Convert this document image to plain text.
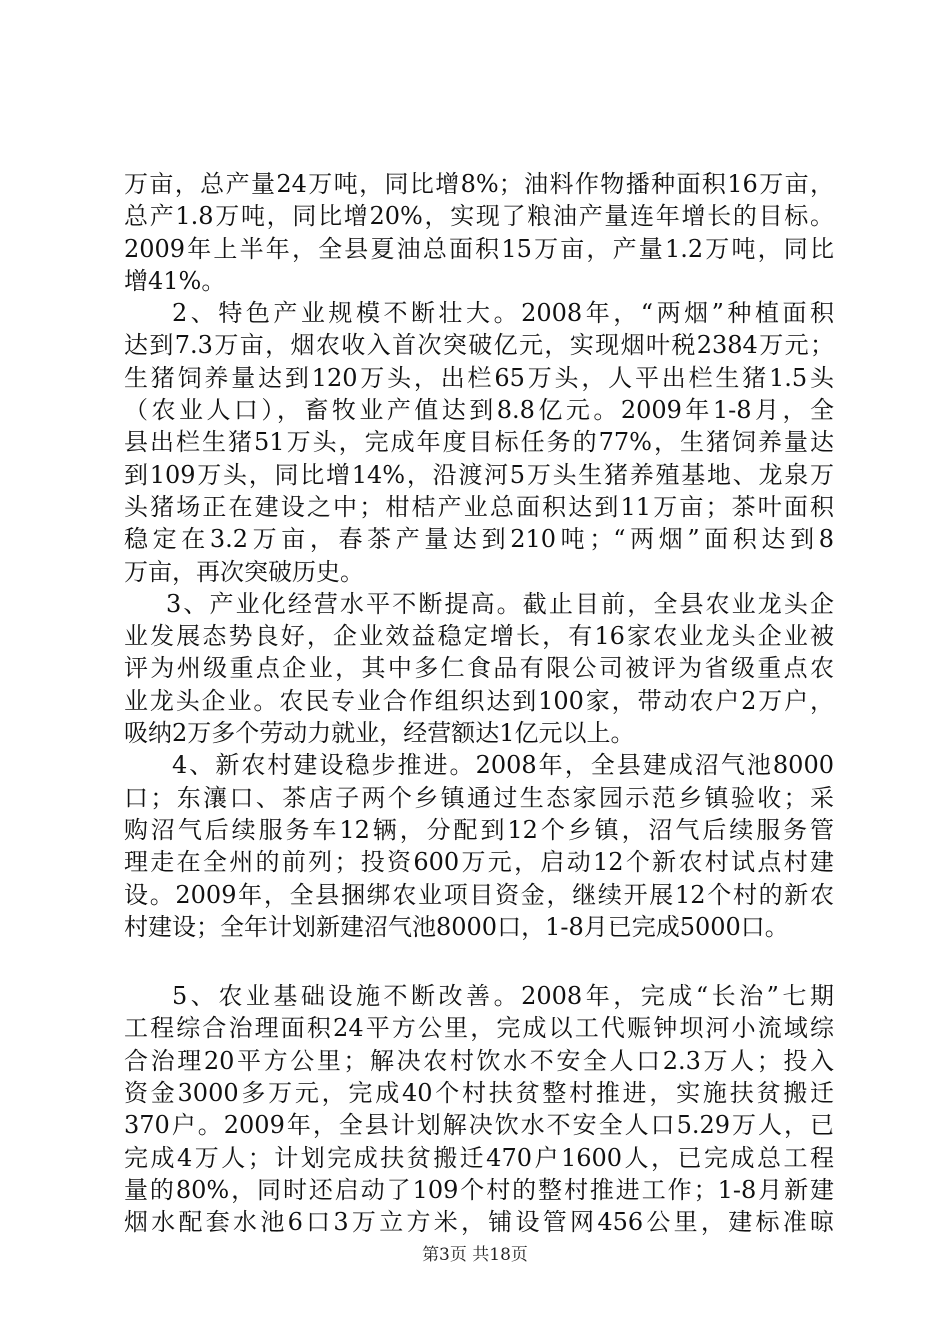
万亩，总产量24万吨，同比增8%；油料作物播种面积16万亩，
总产1.8万吨，同比增20%，实现了粮油产量连年增长的目标。
2009年上半年，全县夏油总面积15万亩，产量1.2万吨，同比
增41%。
2、特色产业规模不断壮大。2008年，“两烟”种植面积
达到7.3万亩，烟农收入首次突破亿元，实现烟叶税2384万元；
生猪饲养量达到120万头，出栏65万头，人平出栏生猪1.5头
（农业人口），畜牧业产值达到8.8亿元。2009年1-8月，全
县出栏生猪51万头，完成年度目标任务的77%，生猪饲养量达
到109万头，同比增14%，沿渡河5万头生猪养殖基地、龙泉万
头猪场正在建设之中；柑桔产业总面积达到11万亩；茶叶面积
稳定在3.2万亩，春茶产量达到210吨；“两烟”面积达到8
万亩，再次突破历史。
3、产业化经营水平不断提高。截止目前，全县农业龙头企
业发展态势良好，企业效益稳定增长，有16家农业龙头企业被
评为州级重点企业，其中多仁食品有限公司被评为省级重点农
业龙头企业。农民专业合作组织达到100家，带动农户2万户，
吸纳2万多个劳动力就业，经营额达1亿元以上。
4、新农村建设稳步推进。2008年，全县建成沼气池8000
口；东瀼口、茶店子两个乡镇通过生态家园示范乡镇验收；采
购沼气后续服务车12辆，分配到12个乡镇，沼气后续服务管
理走在全州的前列；投资600万元，启动12个新农村试点村建
设。2009年，全县捆绑农业项目资金，继续开展12个村的新农
村建设；全年计划新建沼气池8000口，1-8月已完成5000口。
5、农业基础设施不断改善。2008年，完成“长治”七期
工程综合治理面积24平方公里，完成以工代赈钟坝河小流域综
合治理20平方公里；解决农村饮水不安全人口2.3万人；投入
资金3000多万元，完成40个村扶贫整村推进，实施扶贫搬迁
370户。2009年，全县计划解决饮水不安全人口5.29万人，已
完成4万人；计划完成扶贫搬迁470户1600人，已完成总工程
量的80%，同时还启动了109个村的整村推进工作；1-8月新建
烟水配套水池6口3万立方米，铺设管网456公里，建标准晾
第3页 共18页
